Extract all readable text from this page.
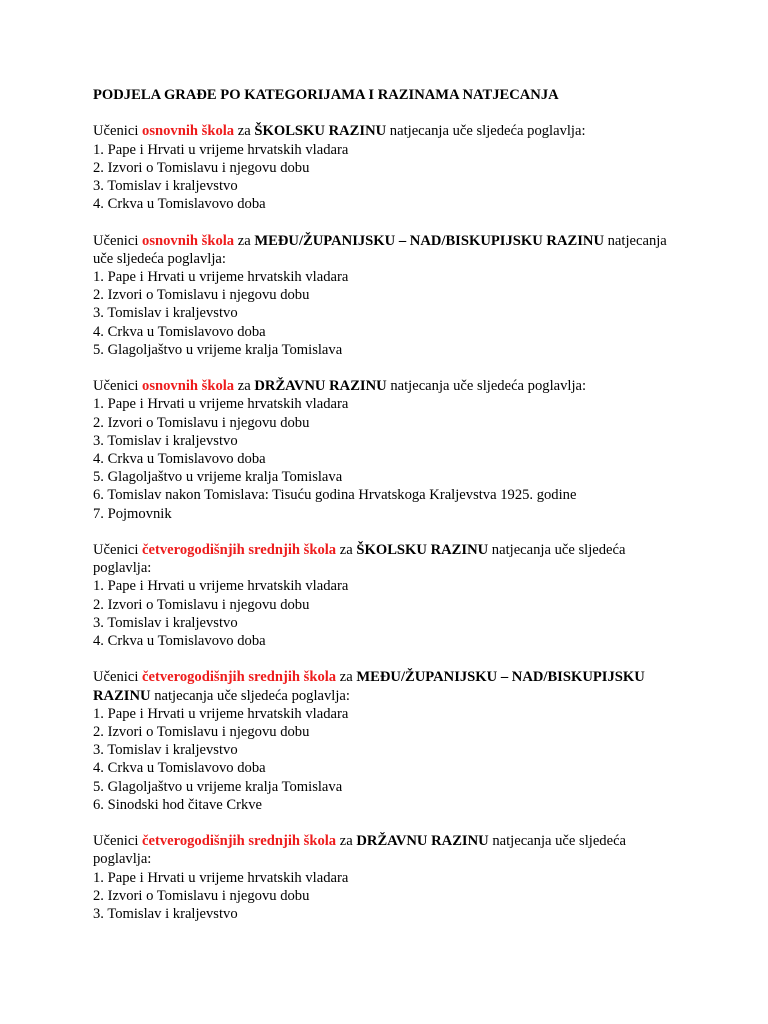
PODJELA GRAĐE PO KATEGORIJAMA I RAZINAMA NATJECANJA
Učenici osnovnih škola za ŠKOLSKU RAZINU natjecanja uče sljedeća poglavlja:
1. Pape i Hrvati u vrijeme hrvatskih vladara
2. Izvori o Tomislavu i njegovu dobu
3. Tomislav i kraljevstvo
4. Crkva u Tomislavovo doba
Učenici osnovnih škola za MEĐU/ŽUPANIJSKU – NAD/BISKUPIJSKU RAZINU natjecanja uče sljedeća poglavlja:
1. Pape i Hrvati u vrijeme hrvatskih vladara
2. Izvori o Tomislavu i njegovu dobu
3. Tomislav i kraljevstvo
4. Crkva u Tomislavovo doba
5. Glagoljaštvo u vrijeme kralja Tomislava
Učenici osnovnih škola za DRŽAVNU RAZINU natjecanja uče sljedeća poglavlja:
1. Pape i Hrvati u vrijeme hrvatskih vladara
2. Izvori o Tomislavu i njegovu dobu
3. Tomislav i kraljevstvo
4. Crkva u Tomislavovo doba
5. Glagoljaštvo u vrijeme kralja Tomislava
6. Tomislav nakon Tomislava: Tisuću godina Hrvatskoga Kraljevstva 1925. godine
7. Pojmovnik
Učenici četverogodišnjih srednjih škola za ŠKOLSKU RAZINU natjecanja uče sljedeća poglavlja:
1. Pape i Hrvati u vrijeme hrvatskih vladara
2. Izvori o Tomislavu i njegovu dobu
3. Tomislav i kraljevstvo
4. Crkva u Tomislavovo doba
Učenici četverogodišnjih srednjih škola za MEĐU/ŽUPANIJSKU – NAD/BISKUPIJSKU RAZINU natjecanja uče sljedeća poglavlja:
1. Pape i Hrvati u vrijeme hrvatskih vladara
2. Izvori o Tomislavu i njegovu dobu
3. Tomislav i kraljevstvo
4. Crkva u Tomislavovo doba
5. Glagoljaštvo u vrijeme kralja Tomislava
6. Sinodski hod čitave Crkve
Učenici četverogodišnjih srednjih škola za DRŽAVNU RAZINU natjecanja uče sljedeća poglavlja:
1. Pape i Hrvati u vrijeme hrvatskih vladara
2. Izvori o Tomislavu i njegovu dobu
3. Tomislav i kraljevstvo
